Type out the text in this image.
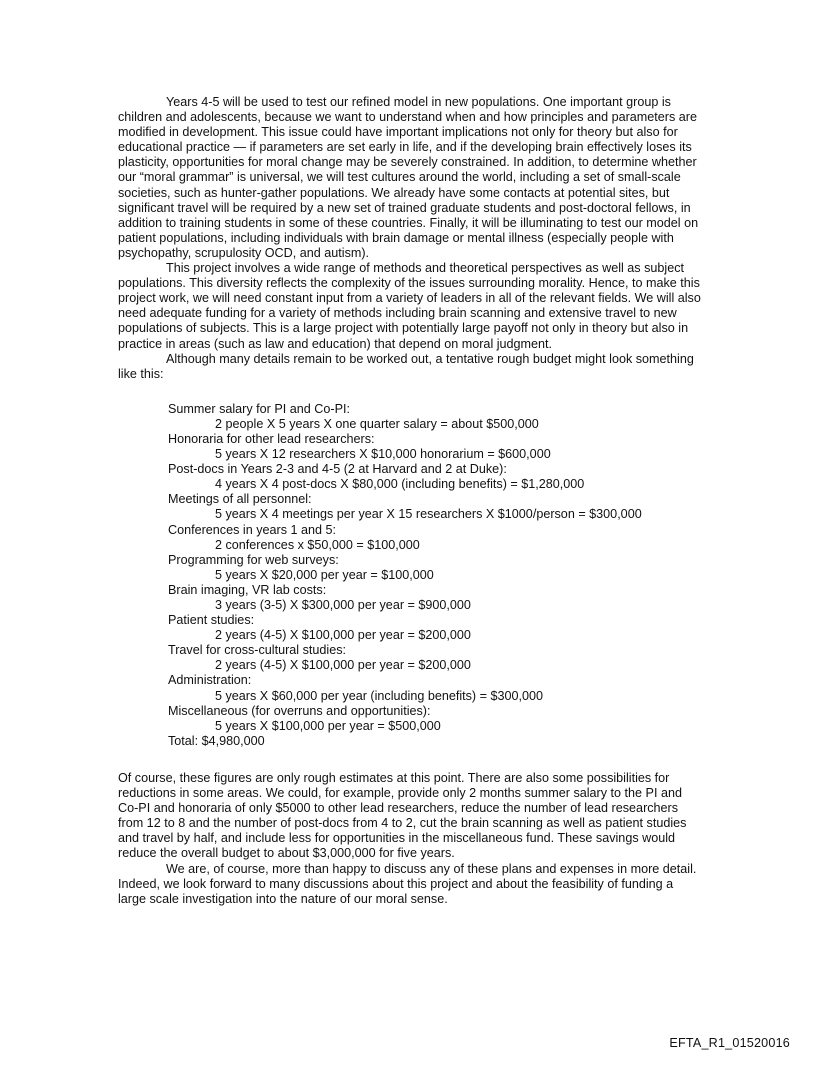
Years 4-5 will be used to test our refined model in new populations. One important group is children and adolescents, because we want to understand when and how principles and parameters are modified in development. This issue could have important implications not only for theory but also for educational practice — if parameters are set early in life, and if the developing brain effectively loses its plasticity, opportunities for moral change may be severely constrained. In addition, to determine whether our “moral grammar” is universal, we will test cultures around the world, including a set of small-scale societies, such as hunter-gather populations. We already have some contacts at potential sites, but significant travel will be required by a new set of trained graduate students and post-doctoral fellows, in addition to training students in some of these countries. Finally, it will be illuminating to test our model on patient populations, including individuals with brain damage or mental illness (especially people with psychopathy, scrupulosity OCD, and autism).

This project involves a wide range of methods and theoretical perspectives as well as subject populations. This diversity reflects the complexity of the issues surrounding morality. Hence, to make this project work, we will need constant input from a variety of leaders in all of the relevant fields. We will also need adequate funding for a variety of methods including brain scanning and extensive travel to new populations of subjects. This is a large project with potentially large payoff not only in theory but also in practice in areas (such as law and education) that depend on moral judgment.

Although many details remain to be worked out, a tentative rough budget might look something like this:

Summer salary for PI and Co-PI:

2 people X 5 years X one quarter salary = about $500,000

Honoraria for other lead researchers:

5 years X 12 researchers X $10,000 honorarium = $600,000

Post-docs in Years 2-3 and 4-5 (2 at Harvard and 2 at Duke):

4 years X 4 post-docs X $80,000 (including benefits) = $1,280,000

Meetings of all personnel:

5 years X 4 meetings per year X 15 researchers X $1000/person = $300,000

Conferences in years 1 and 5:

2 conferences x $50,000 = $100,000

Programming for web surveys:

5 years X $20,000 per year = $100,000

Brain imaging, VR lab costs:

3 years (3-5) X $300,000 per year = $900,000

Patient studies:

2 years (4-5) X $100,000 per year = $200,000

Travel for cross-cultural studies:

2 years (4-5) X $100,000 per year = $200,000

Administration:

5 years X $60,000 per year (including benefits) = $300,000

Miscellaneous (for overruns and opportunities):

5 years X $100,000 per year = $500,000

Total: $4,980,000

Of course, these figures are only rough estimates at this point. There are also some possibilities for reductions in some areas. We could, for example, provide only 2 months summer salary to the PI and Co-PI and honoraria of only $5000 to other lead researchers, reduce the number of lead researchers from 12 to 8 and the number of post-docs from 4 to 2, cut the brain scanning as well as patient studies and travel by half, and include less for opportunities in the miscellaneous fund. These savings would reduce the overall budget to about $3,000,000 for five years.

We are, of course, more than happy to discuss any of these plans and expenses in more detail. Indeed, we look forward to many discussions about this project and about the feasibility of funding a large scale investigation into the nature of our moral sense.

EFTA_R1_01520016
